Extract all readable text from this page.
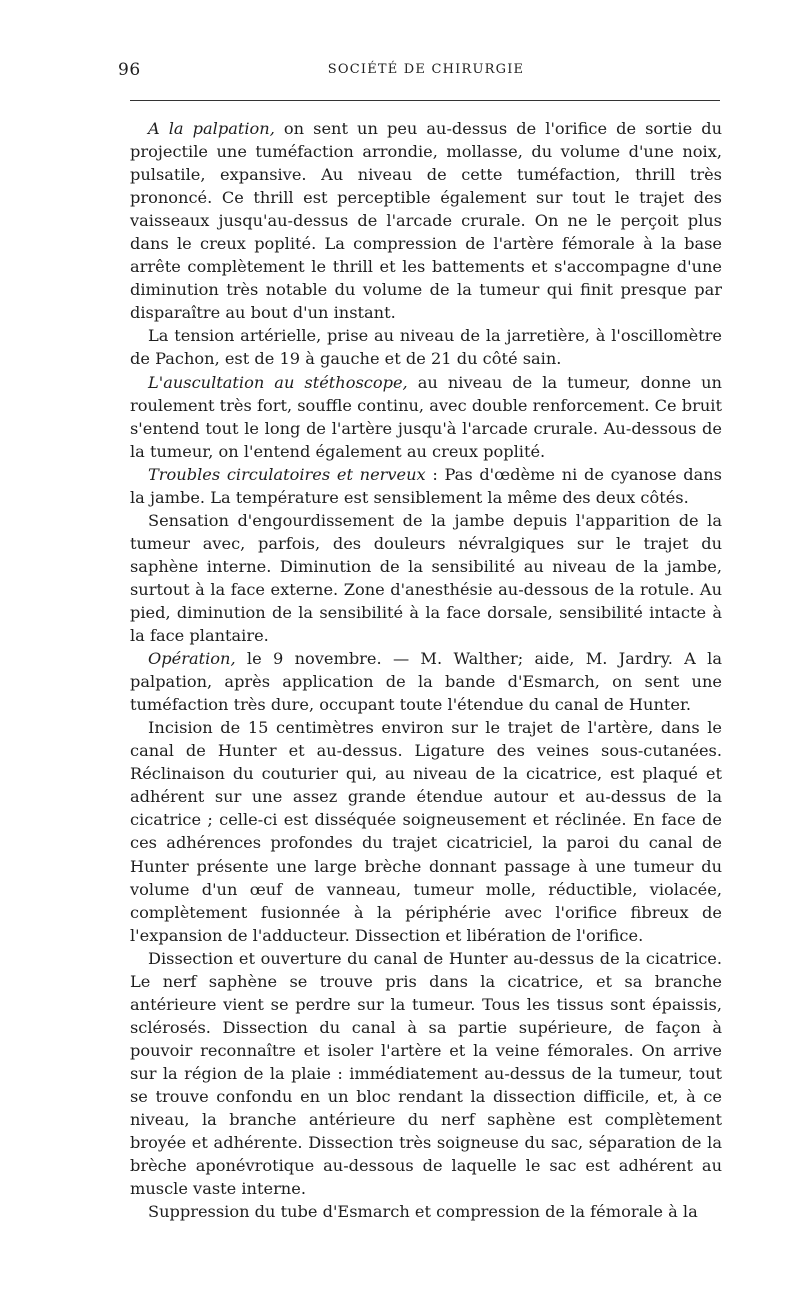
96	SOCIÉTÉ DE CHIRURGIE

A la palpation, on sent un peu au-dessus de l'orifice de sortie du projectile une tuméfaction arrondie, mollasse, du volume d'une noix, pulsatile, expansive. Au niveau de cette tuméfaction, thrill très prononcé. Ce thrill est perceptible également sur tout le trajet des vaisseaux jusqu'au-dessus de l'arcade crurale. On ne le perçoit plus dans le creux poplité. La compression de l'artère fémorale à la base arrête complètement le thrill et les battements et s'accompagne d'une diminution très notable du volume de la tumeur qui finit presque par disparaître au bout d'un instant.

La tension artérielle, prise au niveau de la jarretière, à l'oscillomètre de Pachon, est de 19 à gauche et de 21 du côté sain.

L'auscultation au stéthoscope, au niveau de la tumeur, donne un roulement très fort, souffle continu, avec double renforcement. Ce bruit s'entend tout le long de l'artère jusqu'à l'arcade crurale. Au-dessous de la tumeur, on l'entend également au creux poplité.

Troubles circulatoires et nerveux : Pas d'œdème ni de cyanose dans la jambe. La température est sensiblement la même des deux côtés.

Sensation d'engourdissement de la jambe depuis l'apparition de la tumeur avec, parfois, des douleurs névralgiques sur le trajet du saphène interne. Diminution de la sensibilité au niveau de la jambe, surtout à la face externe. Zone d'anesthésie au-dessous de la rotule. Au pied, diminution de la sensibilité à la face dorsale, sensibilité intacte à la face plantaire.

Opération, le 9 novembre. — M. Walther; aide, M. Jardry. A la palpation, après application de la bande d'Esmarch, on sent une tuméfaction très dure, occupant toute l'étendue du canal de Hunter.

Incision de 15 centimètres environ sur le trajet de l'artère, dans le canal de Hunter et au-dessus. Ligature des veines sous-cutanées. Réclinaison du couturier qui, au niveau de la cicatrice, est plaqué et adhérent sur une assez grande étendue autour et au-dessus de la cicatrice ; celle-ci est disséquée soigneusement et réclinée. En face de ces adhérences profondes du trajet cicatriciel, la paroi du canal de Hunter présente une large brèche donnant passage à une tumeur du volume d'un œuf de vanneau, tumeur molle, réductible, violacée, complètement fusionnée à la périphérie avec l'orifice fibreux de l'expansion de l'adducteur. Dissection et libération de l'orifice.

Dissection et ouverture du canal de Hunter au-dessus de la cicatrice. Le nerf saphène se trouve pris dans la cicatrice, et sa branche antérieure vient se perdre sur la tumeur. Tous les tissus sont épaissis, sclérosés. Dissection du canal à sa partie supérieure, de façon à pouvoir reconnaître et isoler l'artère et la veine fémorales. On arrive sur la région de la plaie : immédiatement au-dessus de la tumeur, tout se trouve confondu en un bloc rendant la dissection difficile, et, à ce niveau, la branche antérieure du nerf saphène est complètement broyée et adhérente. Dissection très soigneuse du sac, séparation de la brèche aponévrotique au-dessous de laquelle le sac est adhérent au muscle vaste interne.

Suppression du tube d'Esmarch et compression de la fémorale à la
